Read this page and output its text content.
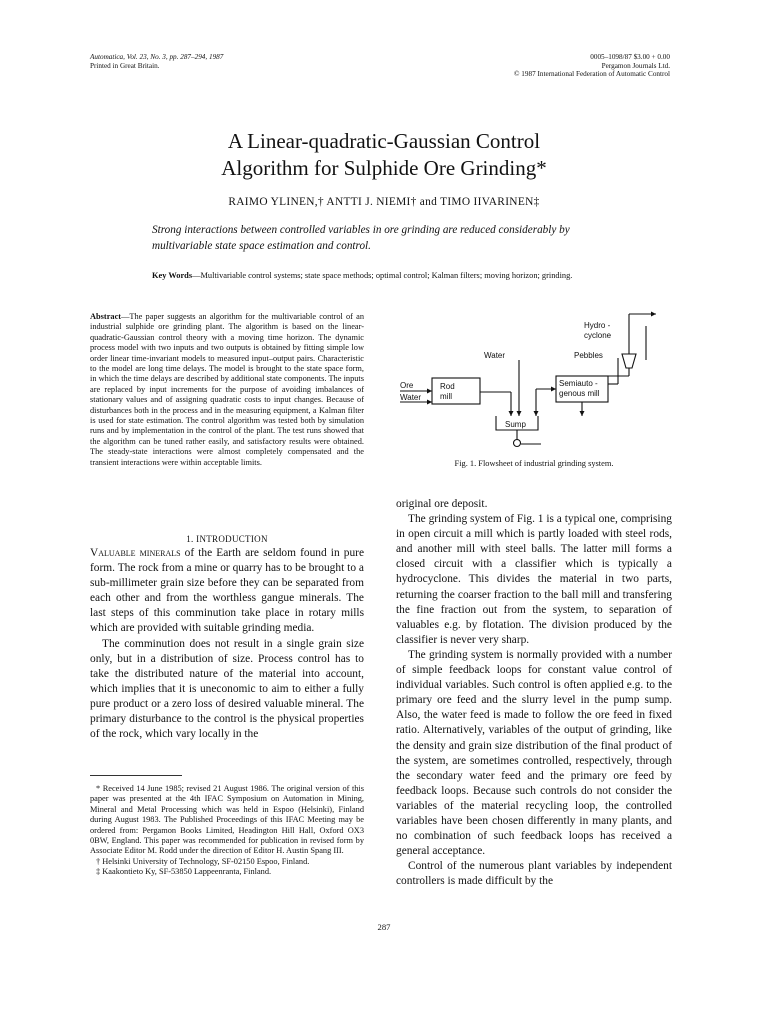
Automatica, Vol. 23, No. 3, pp. 287–294, 1987
Printed in Great Britain.
0005–1098/87 $3.00 + 0.00
Pergamon Journals Ltd.
© 1987 International Federation of Automatic Control
A Linear-quadratic-Gaussian Control
Algorithm for Sulphide Ore Grinding*
RAIMO YLINEN,† ANTTI J. NIEMI† and TIMO IIVARINEN‡
Strong interactions between controlled variables in ore grinding are reduced considerably by multivariable state space estimation and control.
Key Words—Multivariable control systems; state space methods; optimal control; Kalman filters; moving horizon; grinding.
Abstract—The paper suggests an algorithm for the multivariable control of an industrial sulphide ore grinding plant. The algorithm is based on the linear-quadratic-Gaussian control theory with a moving time horizon. The dynamic process model with two inputs and two outputs is obtained by fitting simple low order linear time-invariant models to measured input–output pairs. Characteristic to the model are long time delays. The model is brought to the state space form, in which the time delays are described by additional state components. The inputs are replaced by input increments for the purpose of avoiding imbalances of stationary values and of assigning quadratic costs to input changes. Because of disturbances both in the process and in the measuring equipment, a Kalman filter is used for state estimation. The control algorithm was tested both by simulation runs and by implementation in the control of the plant. The test runs showed that the algorithm can be tuned rather easily, and satisfactory results were obtained. The steady-state interactions were almost completely compensated and the transient interactions were within acceptable limits.
1. INTRODUCTION

Valuable minerals of the Earth are seldom found in pure form. The rock from a mine or quarry has to be brought to a sub-millimeter grain size before they can be separated from each other and from the worthless gangue minerals. The last steps of this comminution take place in rotary mills which are provided with suitable grinding media.

The comminution does not result in a single grain size only, but in a distribution of size. Process control has to take the distributed nature of the material into account, which implies that it is uneconomic to aim to either a fully pure product or a zero loss of desired valuable mineral. The primary disturbance to the control is the physical properties of the rock, which vary locally in the

* Received 14 June 1985; revised 21 August 1986. The original version of this paper was presented at the 4th IFAC Symposium on Automation in Mining, Mineral and Metal Processing which was held in Espoo (Helsinki), Finland during August 1983. The Published Proceedings of this IFAC Meeting may be ordered from: Pergamon Books Limited, Headington Hill Hall, Oxford OX3 0BW, England. This paper was recommended for publication in revised form by Associate Editor M. Rodd under the direction of Editor H. Austin Spang III.

† Helsinki University of Technology, SF-02150 Espoo, Finland.

‡ Kaakontieto Ky, SF-53850 Lappeenranta, Finland.

Hydro -
cyclone
Water	Pebbles
Ore
Water
Rod
mill
Semiauto -
genous mill
Sump
Fig. 1. Flowsheet of industrial grinding system.

original ore deposit.

The grinding system of Fig. 1 is a typical one, comprising in open circuit a mill which is partly loaded with steel rods, and another mill with steel balls. The latter mill forms a closed circuit with a classifier which is typically a hydrocyclone. This divides the material in two parts, returning the coarser fraction to the ball mill and transfering the fine fraction out from the system, to separation of valuables e.g. by flotation. The division produced by the classifier is never very sharp.

The grinding system is normally provided with a number of simple feedback loops for constant value control of individual variables. Such control is often applied e.g. to the primary ore feed and the slurry level in the pump sump. Also, the water feed is made to follow the ore feed in fixed ratio. Alternatively, variables of the output of grinding, like the density and grain size distribution of the final product of the system, are sometimes controlled, respectively, through the secondary water feed and the primary ore feed by feedback loops. Because such controls do not consider the variables of the material recycling loop, the controlled variables have been chosen differently in many plants, and no combination of such feedback loops has received a general acceptance.

Control of the numerous plant variables by independent controllers is made difficult by the

287
